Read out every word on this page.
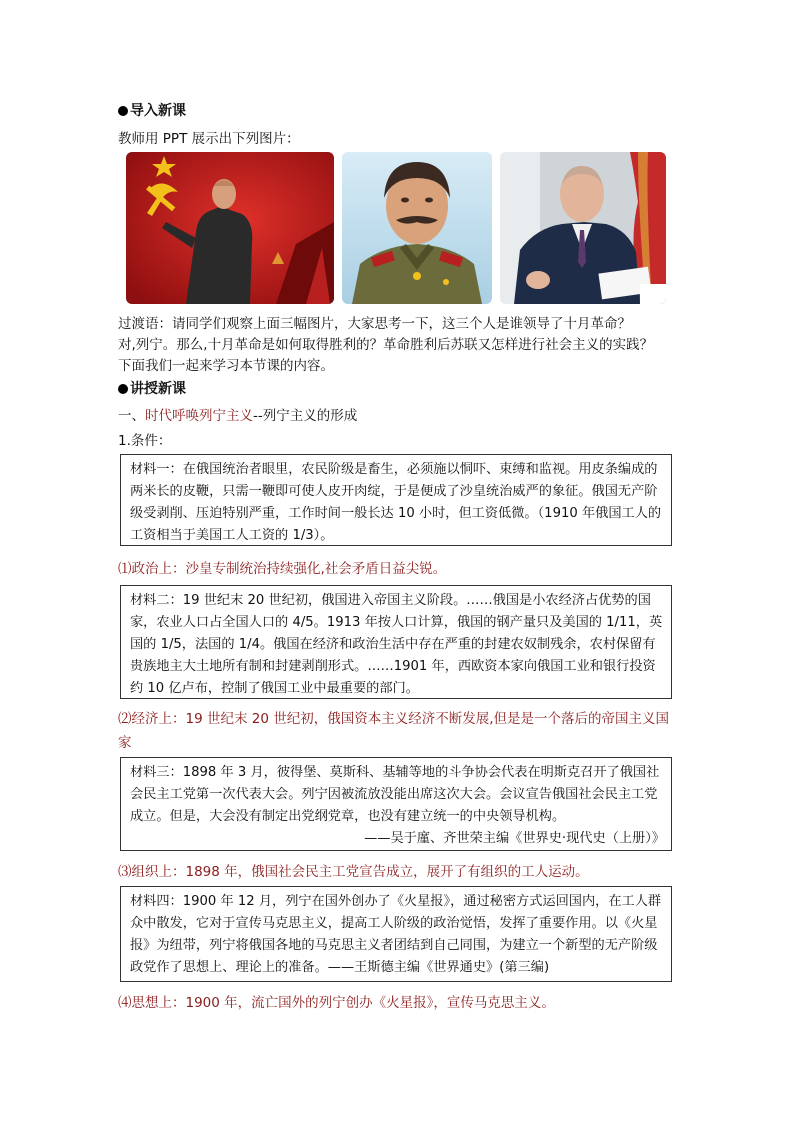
导入新课
教师用 PPT 展示出下列图片：
过渡语：请同学们观察上面三幅图片，大家思考一下，这三个人是谁领导了十月革命？
对,列宁。那么,十月革命是如何取得胜利的？革命胜利后苏联又怎样进行社会主义的实践？
下面我们一起来学习本节课的内容。
讲授新课
一、时代呼唤列宁主义--列宁主义的形成
1.条件：
材料一：在俄国统治者眼里，农民阶级是畜生，必须施以恫吓、束缚和监视。用皮条编成的两米长的皮鞭，只需一鞭即可使人皮开肉绽，于是便成了沙皇统治威严的象征。俄国无产阶级受剥削、压迫特别严重，工作时间一般长达 10 小时，但工资低微。（1910 年俄国工人的工资相当于美国工人工资的 1/3）。
⑴政治上：沙皇专制统治持续强化,社会矛盾日益尖锐。
材料二：19 世纪末 20 世纪初，俄国进入帝国主义阶段。……俄国是小农经济占优势的国家，农业人口占全国人口的 4/5。1913 年按人口计算，俄国的钢产量只及美国的 1/11，英国的 1/5，法国的 1/4。俄国在经济和政治生活中存在严重的封建农奴制残余，农村保留有贵族地主大土地所有制和封建剥削形式。……1901 年，西欧资本家向俄国工业和银行投资约 10 亿卢布，控制了俄国工业中最重要的部门。
⑵经济上：19 世纪末 20 世纪初，俄国资本主义经济不断发展,但是是一个落后的帝国主义国家
材料三：1898 年 3 月，彼得堡、莫斯科、基辅等地的斗争协会代表在明斯克召开了俄国社会民主工党第一次代表大会。列宁因被流放没能出席这次大会。会议宣告俄国社会民主工党成立。但是，大会没有制定出党纲党章，也没有建立统一的中央领导机构。
——吴于廑、齐世荣主编《世界史·现代史（上册）》
⑶组织上：1898 年，俄国社会民主工党宣告成立，展开了有组织的工人运动。
材料四：1900 年 12 月，列宁在国外创办了《火星报》，通过秘密方式运回国内，在工人群众中散发，它对于宣传马克思主义，提高工人阶级的政治觉悟，发挥了重要作用。以《火星报》为纽带，列宁将俄国各地的马克思主义者团结到自己同围，为建立一个新型的无产阶级政党作了思想上、理论上的准备。——王斯德主编《世界通史》(第三编)
⑷思想上：1900 年，流亡国外的列宁创办《火星报》，宣传马克思主义。
